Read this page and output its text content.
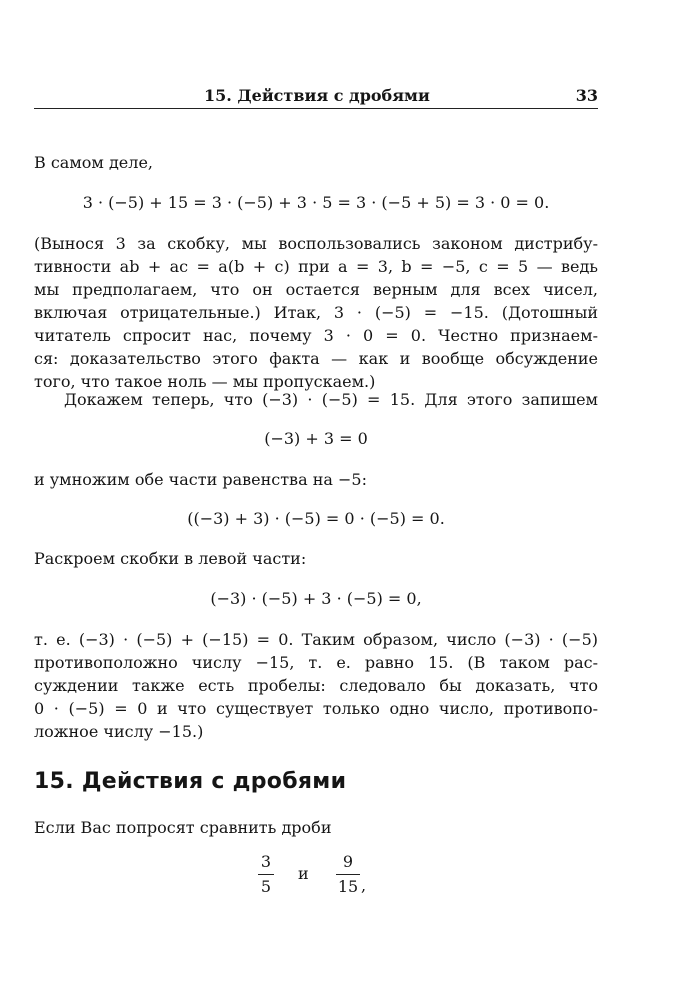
15. Действия с дробями	33
В самом деле,
3 · (−5) + 15 = 3 · (−5) + 3 · 5 = 3 · (−5 + 5) = 3 · 0 = 0.
(Вынося 3 за скобку, мы воспользовались законом дистрибу-
тивности ab + ac = a(b + c) при a = 3, b = −5, c = 5 — ведь
мы предполагаем, что он остается верным для всех чисел,
включая отрицательные.) Итак, 3 · (−5) = −15. (Дотошный
читатель спросит нас, почему 3 · 0 = 0. Честно признаем-
ся: доказательство этого факта — как и вообще обсуждение
того, что такое ноль — мы пропускаем.)
Докажем теперь, что (−3) · (−5) = 15. Для этого запишем
(−3) + 3 = 0
и умножим обе части равенства на −5:
((−3) + 3) · (−5) = 0 · (−5) = 0.
Раскроем скобки в левой части:
(−3) · (−5) + 3 · (−5) = 0,
т. е. (−3) · (−5) + (−15) = 0. Таким образом, число (−3) · (−5)
противоположно числу −15, т. е. равно 15. (В таком рас-
суждении также есть пробелы: следовало бы доказать, что
0 · (−5) = 0 и что существует только одно число, противопо-
ложное числу −15.)
15. Действия с дробями
Если Вас попросят сравнить дроби
3
5
и
9
15 ,
